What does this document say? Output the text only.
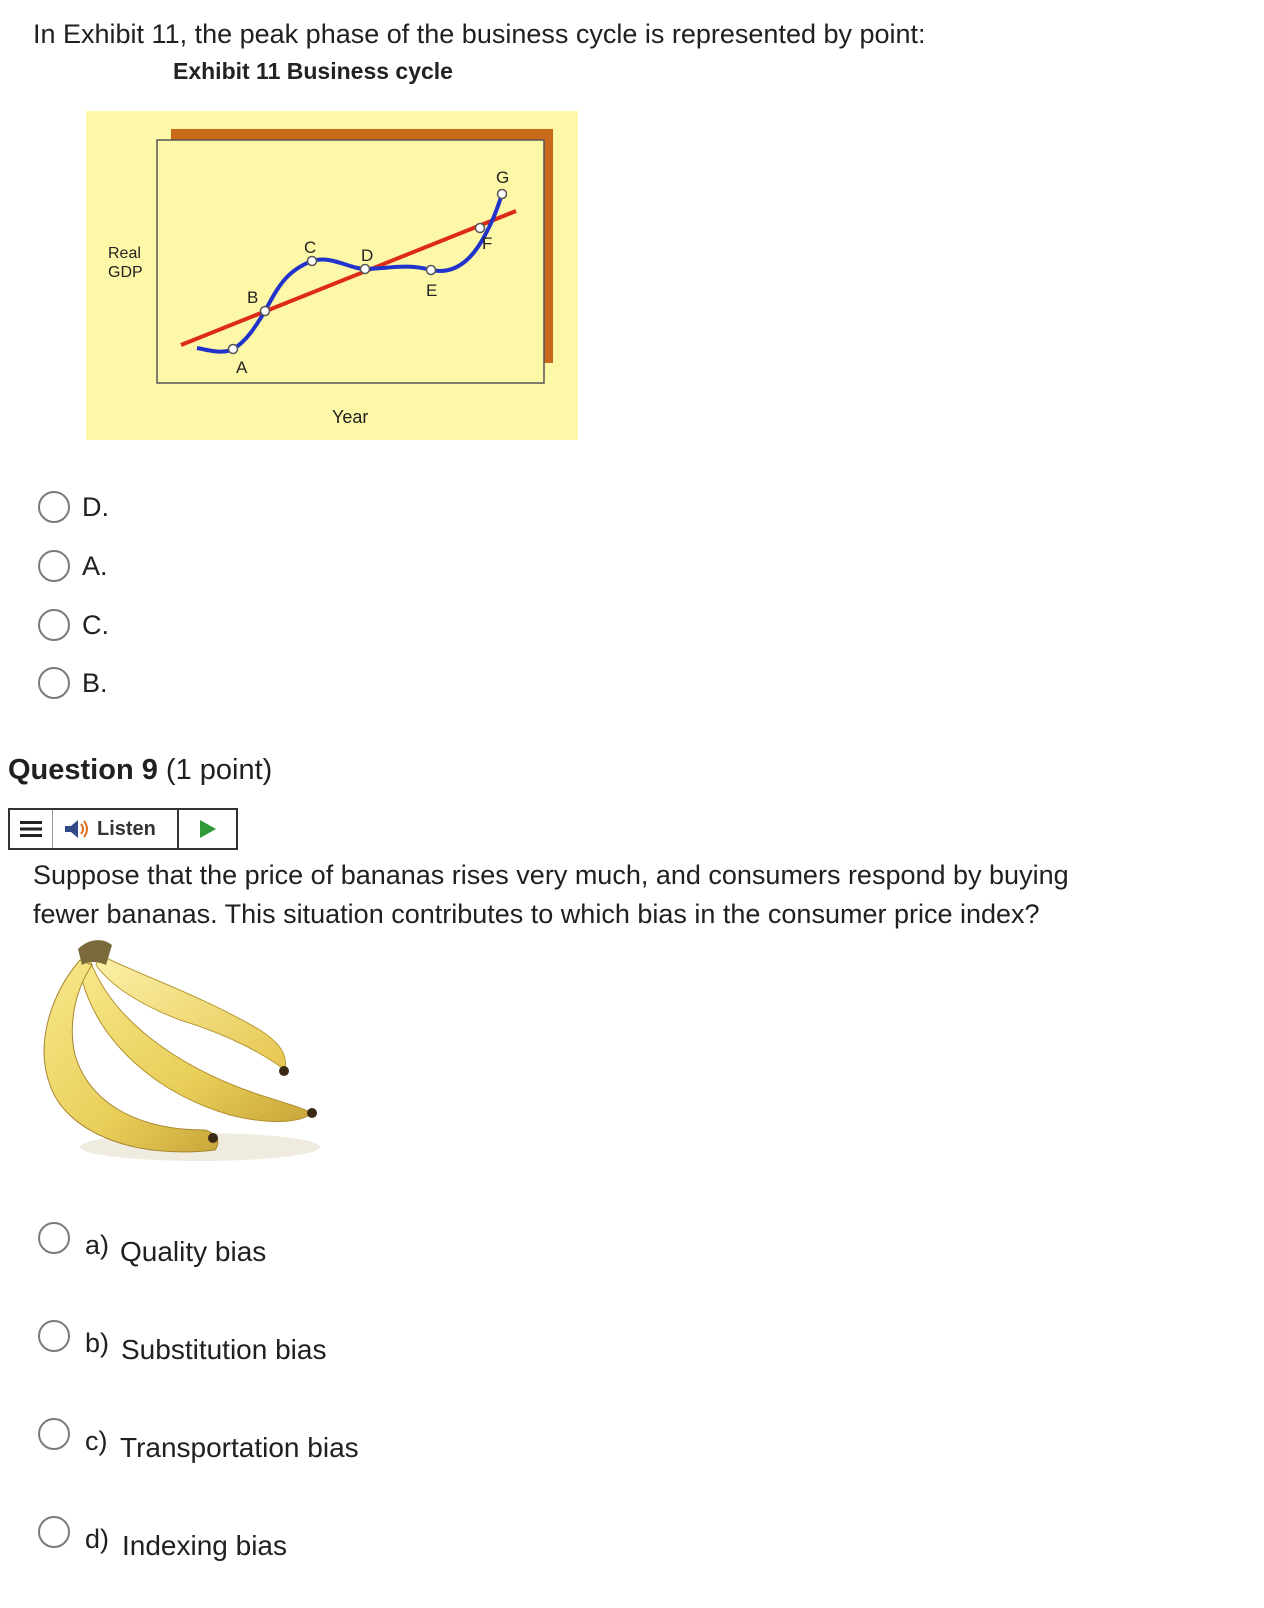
In Exhibit 11, the peak phase of the business cycle is represented by point:
Exhibit 11 Business cycle
Real
GDP
Year
A
B
C	D
E
F
G
D.
A.
C.
B.
Question 9 (1 point)
Listen
Suppose that the price of bananas rises very much, and consumers respond by buying
fewer bananas. This situation contributes to which bias in the consumer price index?
a) Quality bias
b) Substitution bias
c) Transportation bias
d) Indexing bias
